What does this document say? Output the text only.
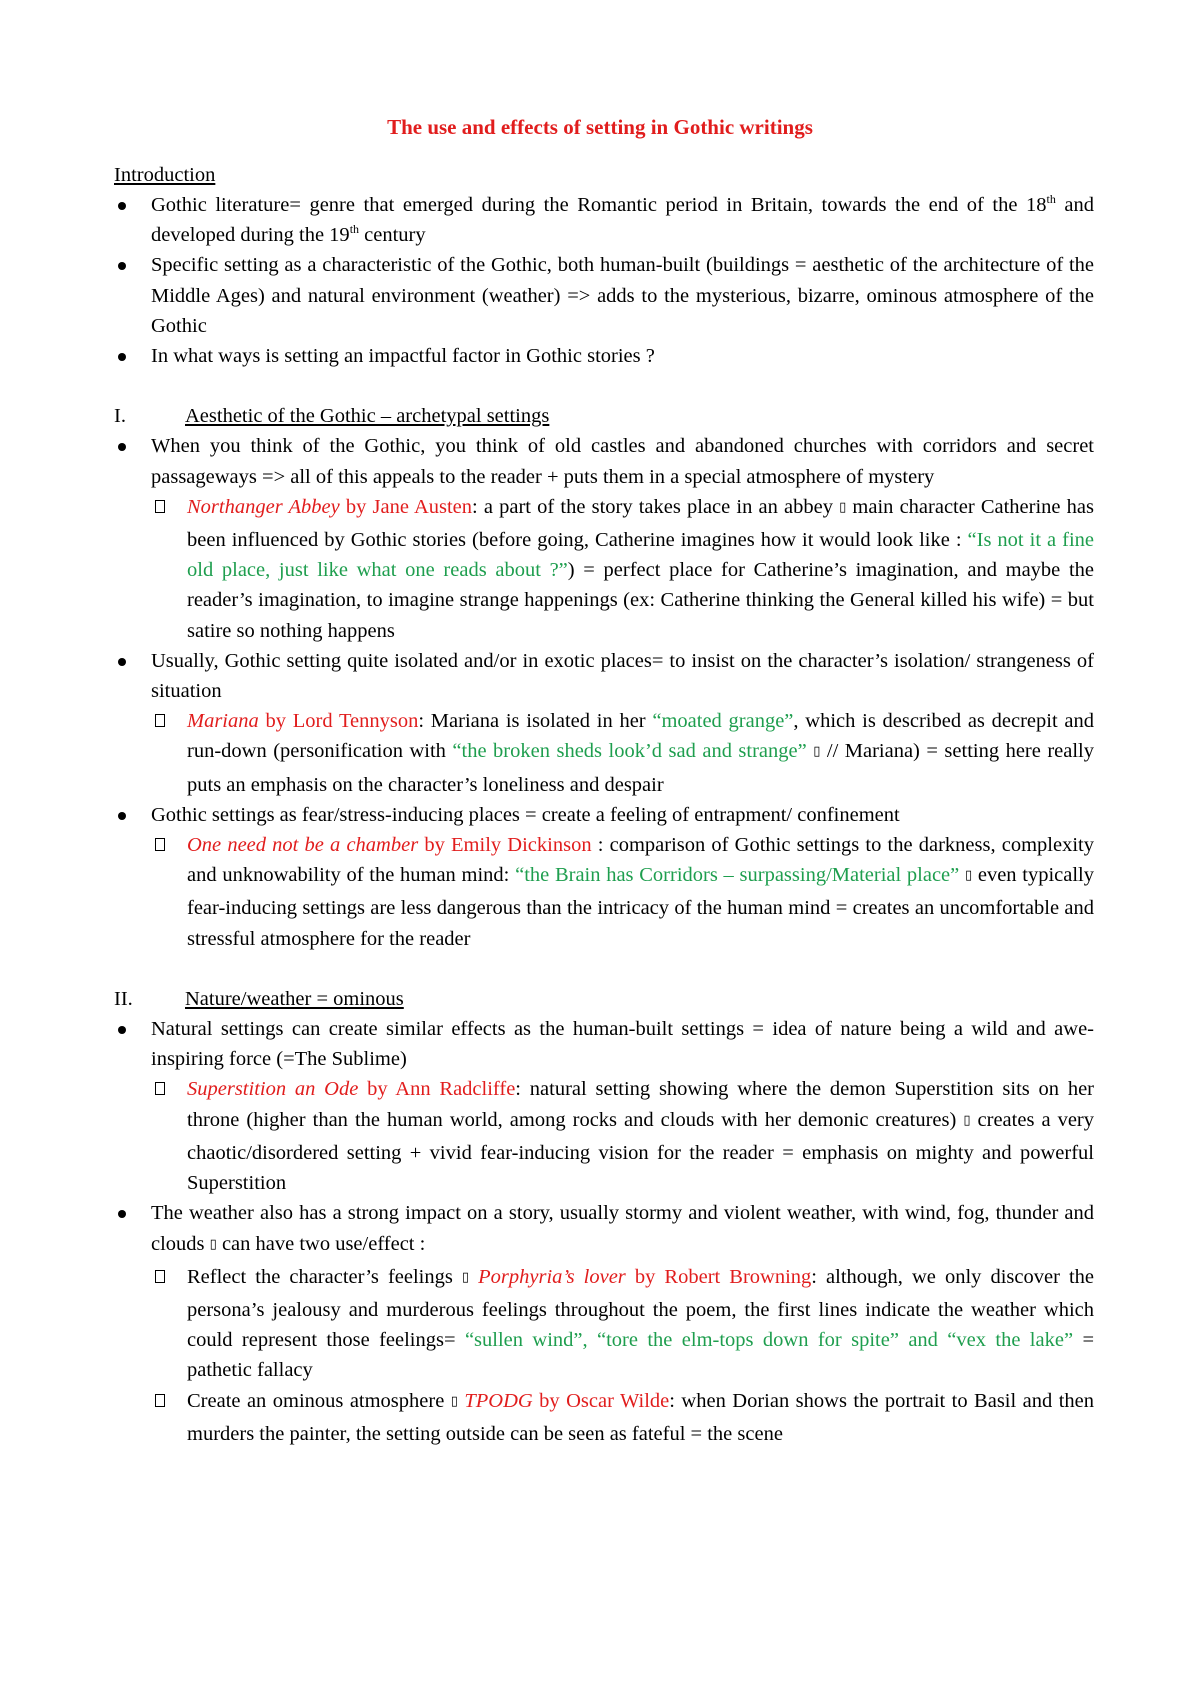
The use and effects of setting in Gothic writings
Introduction
Gothic literature= genre that emerged during the Romantic period in Britain, towards the end of the 18th and developed during the 19th century
Specific setting as a characteristic of the Gothic, both human-built (buildings = aesthetic of the architecture of the Middle Ages) and natural environment (weather) => adds to the mysterious, bizarre, ominous atmosphere of the Gothic
In what ways is setting an impactful factor in Gothic stories ?
I.	Aesthetic of the Gothic – archetypal settings
When you think of the Gothic, you think of old castles and abandoned churches with corridors and secret passageways => all of this appeals to the reader + puts them in a special atmosphere of mystery
Northanger Abbey by Jane Austen: a part of the story takes place in an abbey ▯ main character Catherine has been influenced by Gothic stories (before going, Catherine imagines how it would look like : “Is not it a fine old place, just like what one reads about ?”) = perfect place for Catherine’s imagination, and maybe the reader’s imagination, to imagine strange happenings (ex: Catherine thinking the General killed his wife) = but satire so nothing happens
Usually, Gothic setting quite isolated and/or in exotic places= to insist on the character’s isolation/ strangeness of situation
Mariana by Lord Tennyson: Mariana is isolated in her “moated grange”, which is described as decrepit and run-down (personification with “the broken sheds look’d sad and strange” ▯ // Mariana) = setting here really puts an emphasis on the character’s loneliness and despair
Gothic settings as fear/stress-inducing places = create a feeling of entrapment/ confinement
One need not be a chamber by Emily Dickinson : comparison of Gothic settings to the darkness, complexity and unknowability of the human mind: “the Brain has Corridors – surpassing/Material place” ▯ even typically fear-inducing settings are less dangerous than the intricacy of the human mind = creates an uncomfortable and stressful atmosphere for the reader
II.	Nature/weather = ominous
Natural settings can create similar effects as the human-built settings = idea of nature being a wild and awe-inspiring force (=The Sublime)
Superstition an Ode by Ann Radcliffe: natural setting showing where the demon Superstition sits on her throne (higher than the human world, among rocks and clouds with her demonic creatures) ▯ creates a very chaotic/disordered setting + vivid fear-inducing vision for the reader = emphasis on mighty and powerful Superstition
The weather also has a strong impact on a story, usually stormy and violent weather, with wind, fog, thunder and clouds ▯ can have two use/effect :
Reflect the character’s feelings ▯ Porphyria’s lover by Robert Browning: although, we only discover the persona’s jealousy and murderous feelings throughout the poem, the first lines indicate the weather which could represent those feelings= “sullen wind”, “tore the elm-tops down for spite” and “vex the lake” = pathetic fallacy
Create an ominous atmosphere ▯ TPODG by Oscar Wilde: when Dorian shows the portrait to Basil and then murders the painter, the setting outside can be seen as fateful = the scene
